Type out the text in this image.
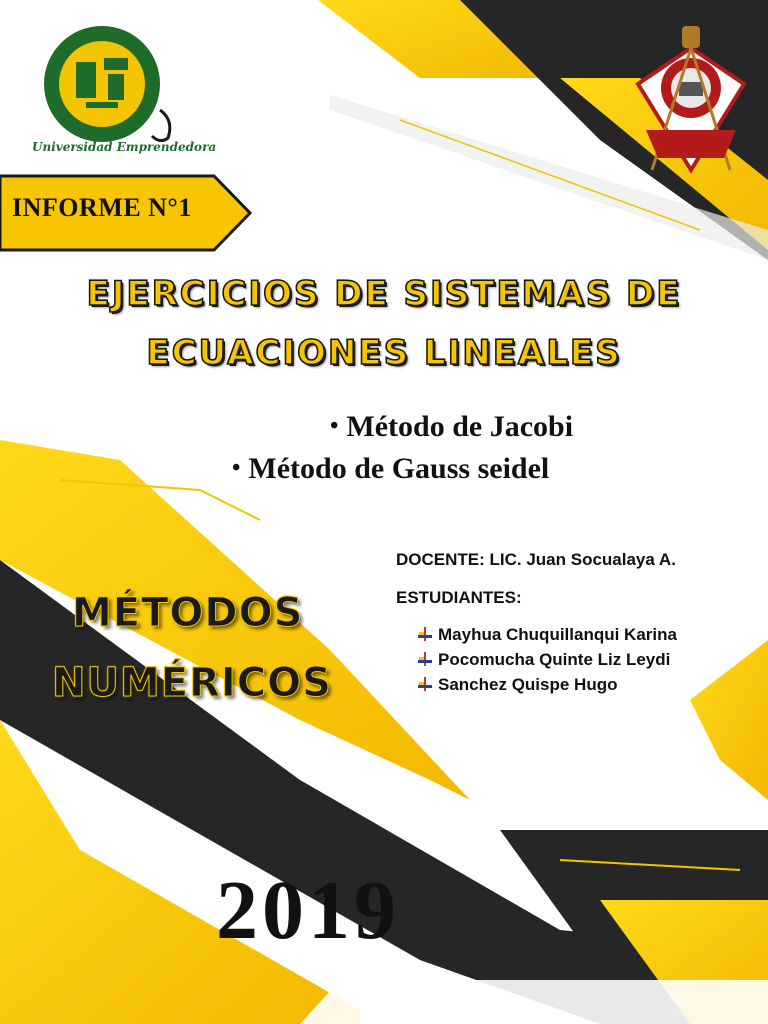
Universidad Emprendedora
INFORME N°1
EJERCICIOS DE SISTEMAS DE
ECUACIONES LINEALES
• Método de Jacobi
• Método de Gauss seidel
DOCENTE: LIC. Juan Socualaya A.
ESTUDIANTES:
Mayhua Chuquillanqui Karina
Pocomucha Quinte Liz Leydi
Sanchez Quispe Hugo
MÉTODOS
NUMÉRICOS
2019
